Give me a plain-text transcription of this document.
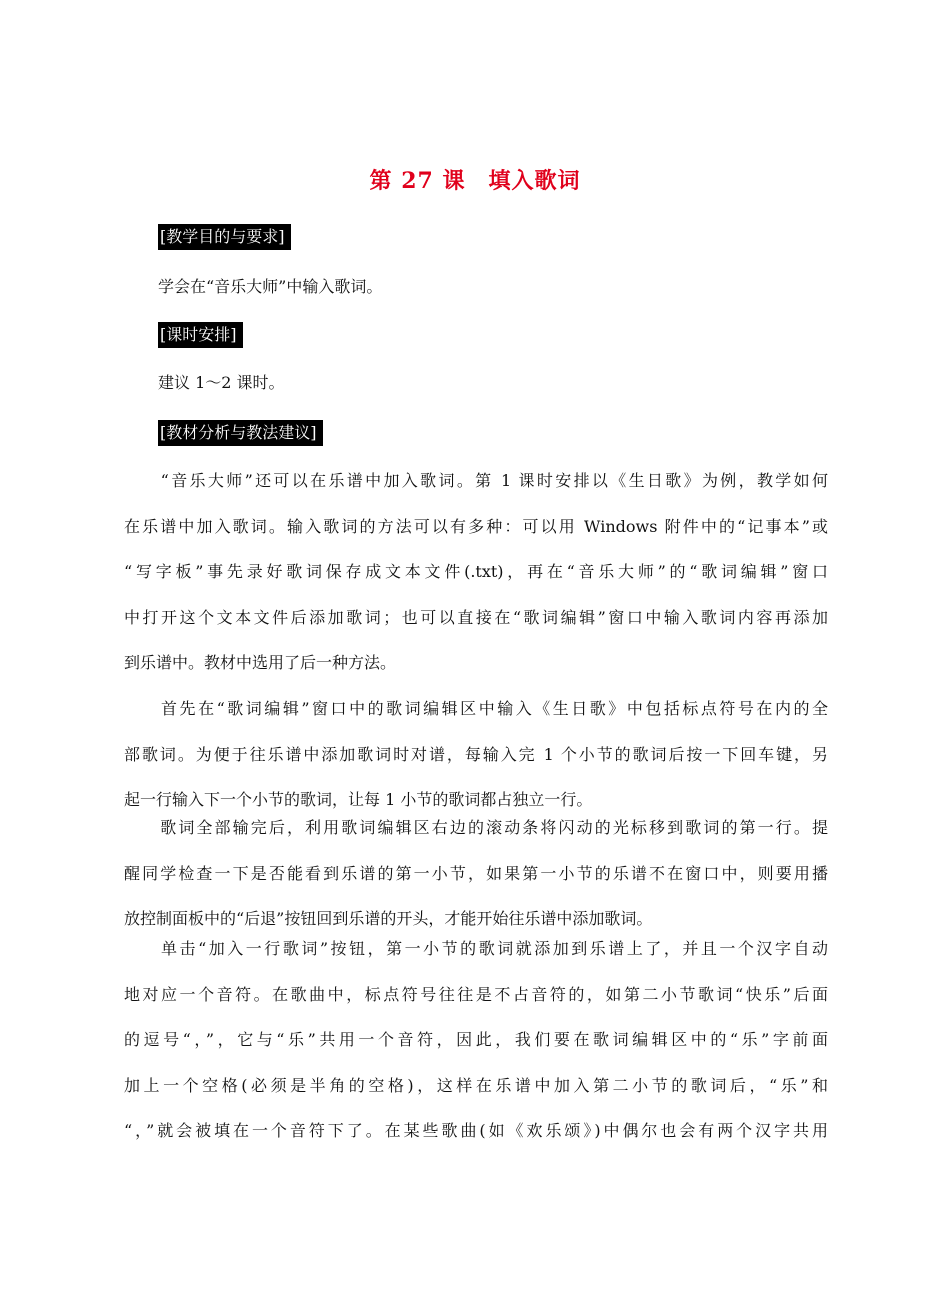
第 27 课　填入歌词
[教学目的与要求]
学会在“音乐大师”中输入歌词。
[课时安排]
建议 1～2 课时。
[教材分析与教法建议]
　　“音乐大师”还可以在乐谱中加入歌词。第 1 课时安排以《生日歌》为例，教学如何
在乐谱中加入歌词。输入歌词的方法可以有多种：可以用 Windows 附件中的“记事本”或
“写字板”事先录好歌词保存成文本文件(.txt)，再在“音乐大师”的“歌词编辑”窗口
中打开这个文本文件后添加歌词；也可以直接在“歌词编辑”窗口中输入歌词内容再添加
到乐谱中。教材中选用了后一种方法。
　　首先在“歌词编辑”窗口中的歌词编辑区中输入《生日歌》中包括标点符号在内的全
部歌词。为便于往乐谱中添加歌词时对谱，每输入完 1 个小节的歌词后按一下回车键，另
起一行输入下一个小节的歌词，让每 1 小节的歌词都占独立一行。
　　歌词全部输完后，利用歌词编辑区右边的滚动条将闪动的光标移到歌词的第一行。提
醒同学检查一下是否能看到乐谱的第一小节，如果第一小节的乐谱不在窗口中，则要用播
放控制面板中的“后退”按钮回到乐谱的开头，才能开始往乐谱中添加歌词。
　　单击“加入一行歌词”按钮，第一小节的歌词就添加到乐谱上了，并且一个汉字自动
地对应一个音符。在歌曲中，标点符号往往是不占音符的，如第二小节歌词“快乐”后面
的逗号“，”，它与“乐”共用一个音符，因此，我们要在歌词编辑区中的“乐”字前面
加上一个空格(必须是半角的空格)，这样在乐谱中加入第二小节的歌词后，“乐”和
“，”就会被填在一个音符下了。在某些歌曲(如《欢乐颂》)中偶尔也会有两个汉字共用
